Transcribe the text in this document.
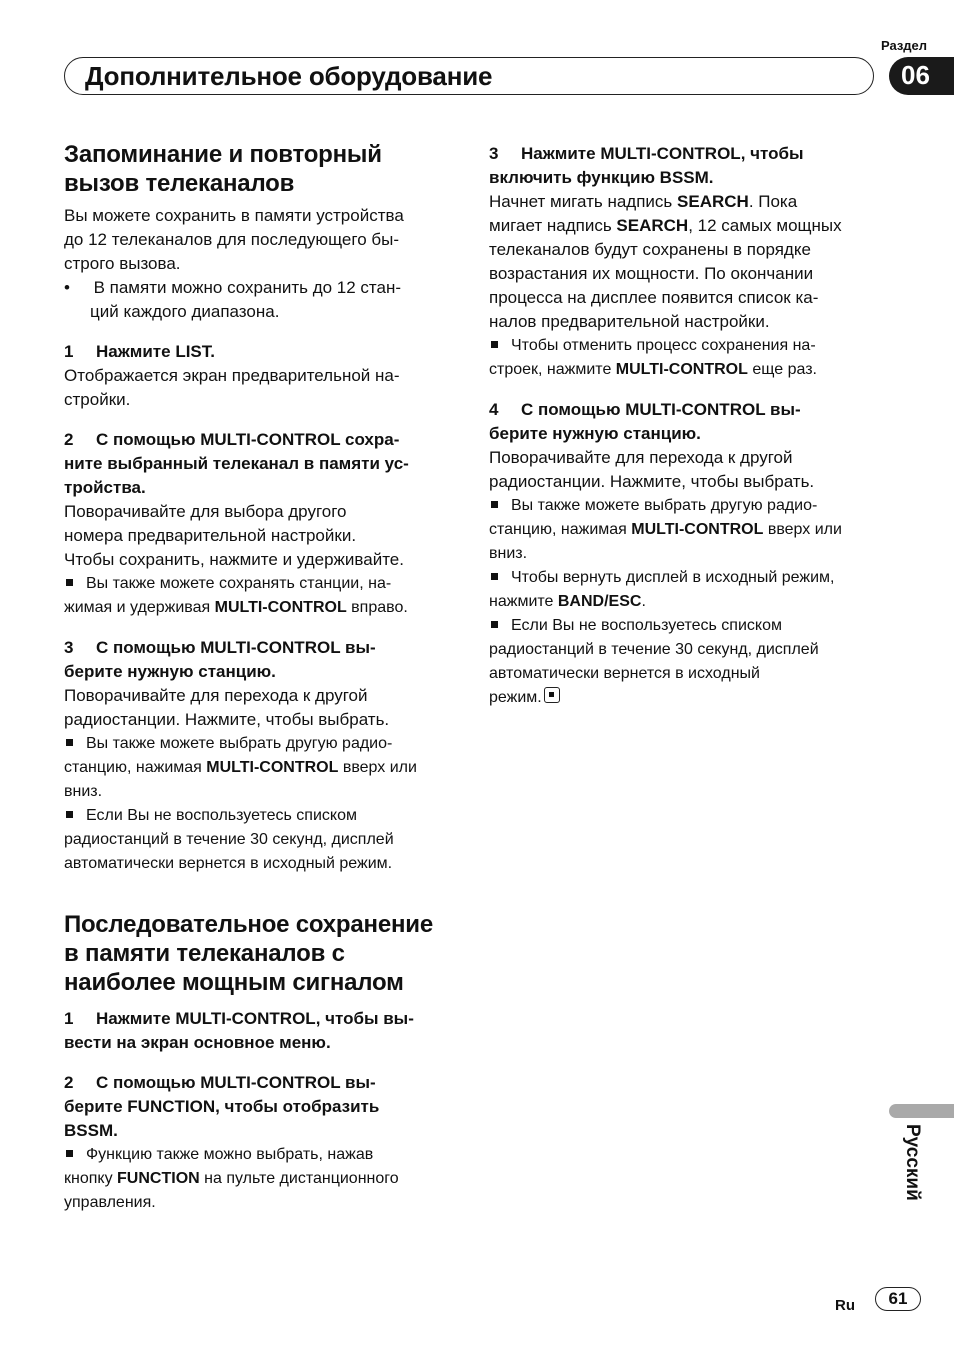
Раздел
Дополнительное оборудование	06
Запоминание и повторный
вызов телеканалов

Вы можете сохранить в памяти устройства
до 12 телеканалов для последующего бы-
строго вызова.

•     В памяти можно сохранить до 12 стан-
ций каждого диапазона.

1 Нажмите LIST.

Отображается экран предварительной на-
стройки.

2 С помощью MULTI-CONTROL сохра-
ните выбранный телеканал в памяти ус-
тройства.

Поворачивайте для выбора другого
номера предварительной настройки.
Чтобы сохранить, нажмите и удерживайте.

Вы также можете сохранять станции, на-
жимая и удерживая MULTI-CONTROL вправо.

3 С помощью MULTI-CONTROL вы-
берите нужную станцию.

Поворачивайте для перехода к другой
радиостанции. Нажмите, чтобы выбрать.

Вы также можете выбрать другую радио-
станцию, нажимая MULTI-CONTROL вверх или
вниз.

Если Вы не воспользуетесь списком
радиостанций в течение 30 секунд, дисплей
автоматически вернется в исходный режим.

Последовательное сохранение
в памяти телеканалов с
наиболее мощным сигналом

1 Нажмите MULTI-CONTROL, чтобы вы-
вести на экран основное меню.

2 С помощью MULTI-CONTROL вы-
берите FUNCTION, чтобы отобразить
BSSM.

Функцию также можно выбрать, нажав
кнопку FUNCTION на пульте дистанционного
управления.

3 Нажмите MULTI-CONTROL, чтобы
включить функцию BSSM.

Начнет мигать надпись SEARCH. Пока
мигает надпись SEARCH, 12 самых мощных
телеканалов будут сохранены в порядке
возрастания их мощности. По окончании
процесса на дисплее появится список ка-
налов предварительной настройки.

Чтобы отменить процесс сохранения на-
строек, нажмите MULTI-CONTROL еще раз.

4 С помощью MULTI-CONTROL вы-
берите нужную станцию.

Поворачивайте для перехода к другой
радиостанции. Нажмите, чтобы выбрать.

Вы также можете выбрать другую радио-
станцию, нажимая MULTI-CONTROL вверх или
вниз.

Чтобы вернуть дисплей в исходный режим,
нажмите BAND/ESC.

Если Вы не воспользуетесь списком
радиостанций в течение 30 секунд, дисплей
автоматически вернется в исходный
режим.

Русский
Ru	61
